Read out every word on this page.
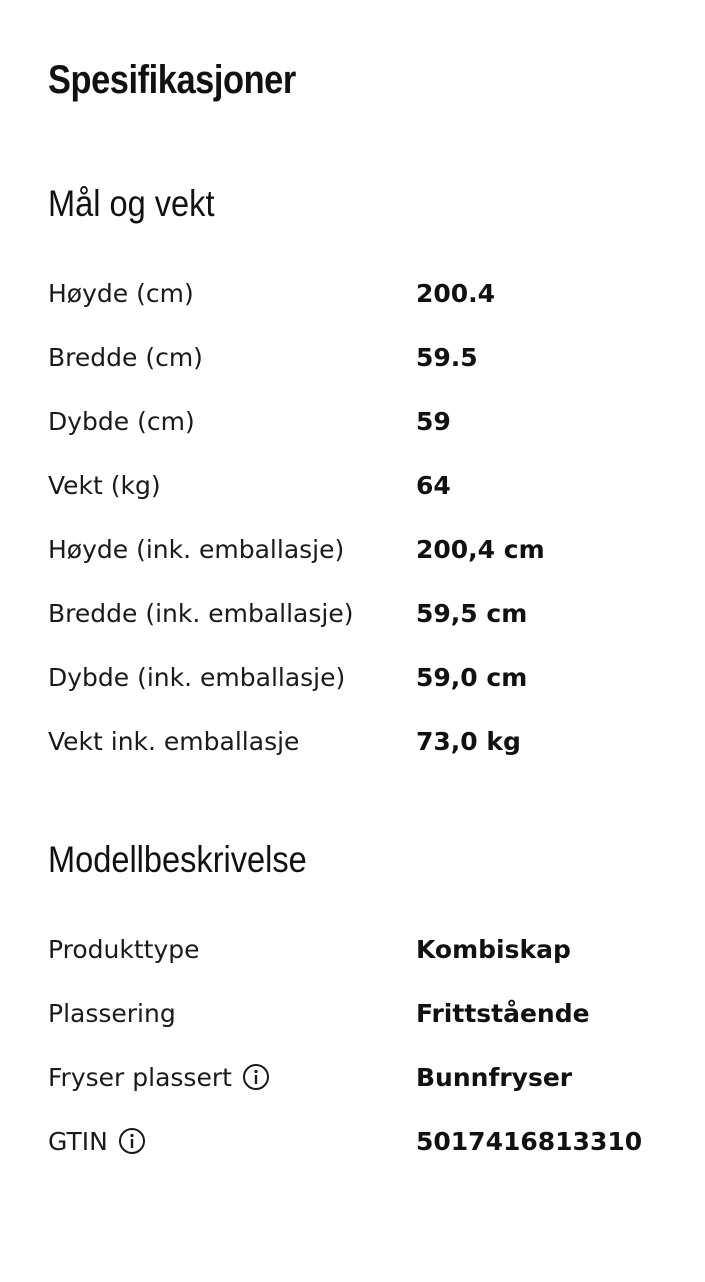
Spesifikasjoner
Mål og vekt
Høyde (cm)	200.4
Bredde (cm)	59.5
Dybde (cm)	59
Vekt (kg)	64
Høyde (ink. emballasje)	200,4 cm
Bredde (ink. emballasje)	59,5 cm
Dybde (ink. emballasje)	59,0 cm
Vekt ink. emballasje	73,0 kg
Modellbeskrivelse
Produkttype	Kombiskap
Plassering	Frittstående
Fryser plassert	Bunnfryser
GTIN	5017416813310
